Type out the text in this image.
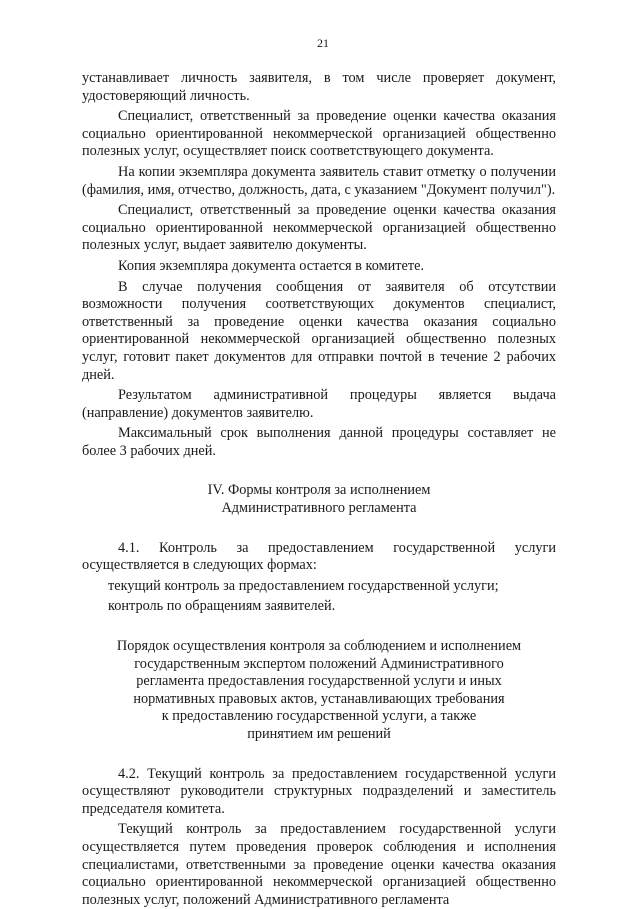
21

устанавливает личность заявителя, в том числе проверяет документ, удостоверяющий личность.

Специалист, ответственный за проведение оценки качества оказания социально ориентированной некоммерческой организацией общественно полезных услуг, осуществляет поиск соответствующего документа.

На копии экземпляра документа заявитель ставит отметку о получении (фамилия, имя, отчество, должность, дата, с указанием "Документ получил").

Специалист, ответственный за проведение оценки качества оказания социально ориентированной некоммерческой организацией общественно полезных услуг, выдает заявителю документы.

Копия экземпляра документа остается в комитете.

В случае получения сообщения от заявителя об отсутствии возможности получения соответствующих документов специалист, ответственный за проведение оценки качества оказания социально ориентированной некоммерческой организацией общественно полезных услуг, готовит пакет документов для отправки почтой в течение 2 рабочих дней.

Результатом административной процедуры является выдача (направление) документов заявителю.

Максимальный срок выполнения данной процедуры составляет не более 3 рабочих дней.

IV. Формы контроля за исполнением
Административного регламента

4.1. Контроль за предоставлением государственной услуги осуществляется в следующих формах:

текущий контроль за предоставлением государственной услуги;

контроль по обращениям заявителей.

Порядок осуществления контроля за соблюдением и исполнением
государственным экспертом положений Административного
регламента предоставления государственной услуги и иных
нормативных правовых актов, устанавливающих требования
к предоставлению государственной услуги, а также
принятием им решений

4.2. Текущий контроль за предоставлением государственной услуги осуществляют руководители структурных подразделений и заместитель председателя комитета.

Текущий контроль за предоставлением государственной услуги осуществляется путем проведения проверок соблюдения и исполнения специалистами, ответственными за проведение оценки качества оказания социально ориентированной некоммерческой организацией общественно полезных услуг, положений Административного регламента
